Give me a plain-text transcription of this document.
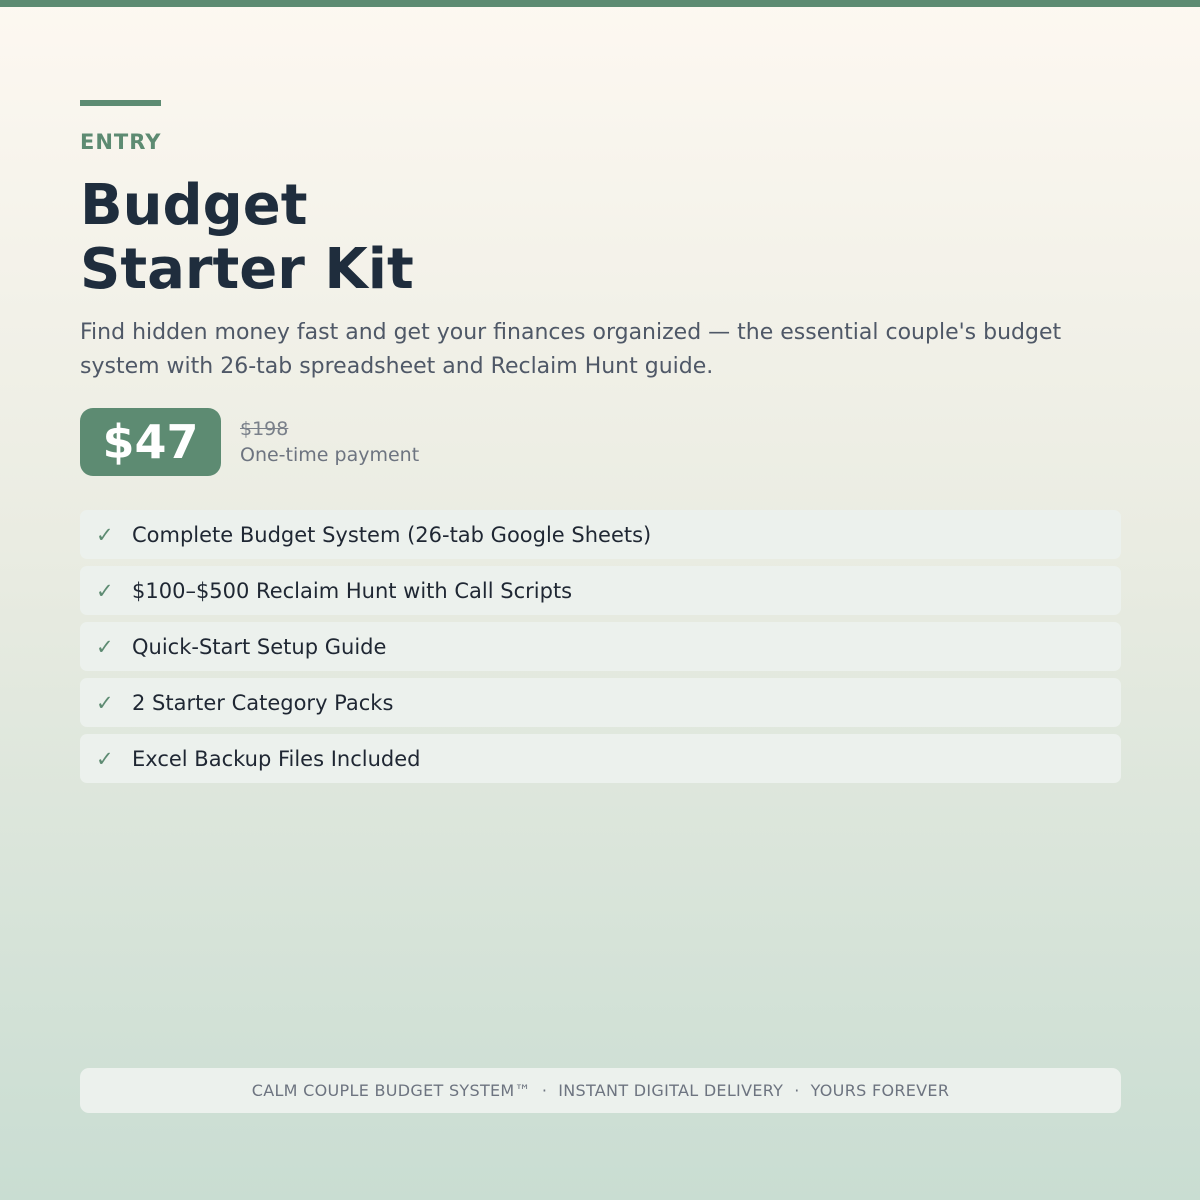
ENTRY
Budget
Starter Kit

Find hidden money fast and get your finances organized — the essential couple's budget system with 26-tab spreadsheet and Reclaim Hunt guide.

$47	$198
One-time payment
✓ Complete Budget System (26-tab Google Sheets)
✓ $100–$500 Reclaim Hunt with Call Scripts
✓ Quick-Start Setup Guide
✓ 2 Starter Category Packs
✓ Excel Backup Files Included
CALM COUPLE BUDGET SYSTEM™ · INSTANT DIGITAL DELIVERY · YOURS FOREVER
